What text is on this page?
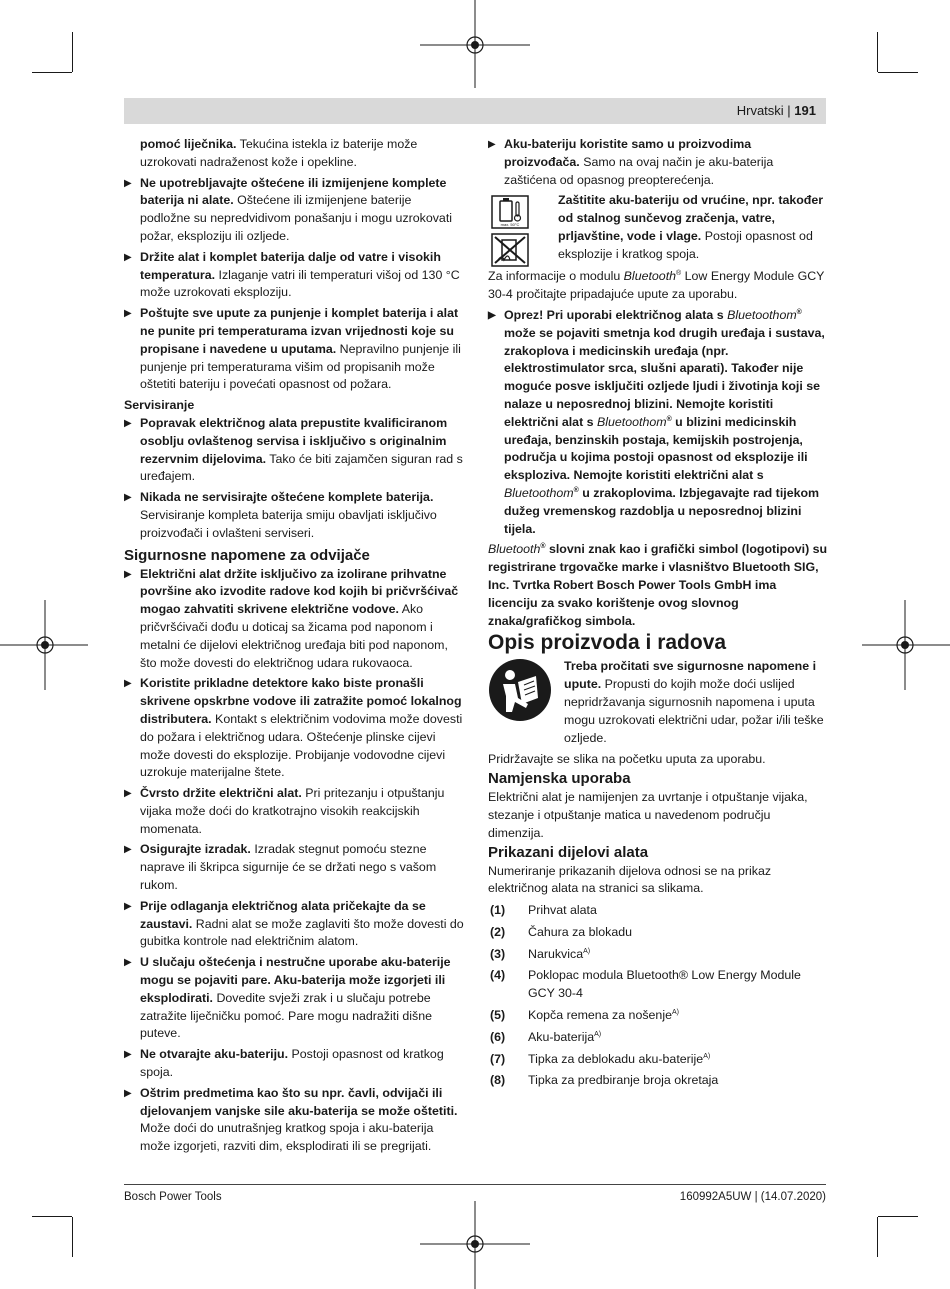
Hrvatski | 191
pomoć liječnika. Tekućina istekla iz baterije može uzrokovati nadraženost kože i opekline.
▶ Ne upotrebljavajte oštećene ili izmijenjene komplete baterija ni alate. Oštećene ili izmijenjene baterije podložne su nepredvidivom ponašanju i mogu uzrokovati požar, eksploziju ili ozljede.
▶ Držite alat i komplet baterija dalje od vatre i visokih temperatura. Izlaganje vatri ili temperaturi višoj od 130 °C može uzrokovati eksploziju.
▶ Poštujte sve upute za punjenje i komplet baterija i alat ne punite pri temperaturama izvan vrijednosti koje su propisane i navedene u uputama. Nepravilno punjenje ili punjenje pri temperaturama višim od propisanih može oštetiti bateriju i povećati opasnost od požara.

Servisiranje

▶ Popravak električnog alata prepustite kvalificiranom osoblju ovlaštenog servisa i isključivo s originalnim rezervnim dijelovima. Tako će biti zajamčen siguran rad s uređajem.
▶ Nikada ne servisirajte oštećene komplete baterija. Servisiranje kompleta baterija smiju obavljati isključivo proizvođači i ovlašteni serviseri.

Sigurnosne napomene za odvijače

▶ Električni alat držite isključivo za izolirane prihvatne površine ako izvodite radove kod kojih bi pričvršćivač mogao zahvatiti skrivene električne vodove. Ako pričvršćivači dođu u doticaj sa žicama pod naponom i metalni će dijelovi električnog uređaja biti pod naponom, što može dovesti do električnog udara rukovaoca.
▶ Koristite prikladne detektore kako biste pronašli skrivene opskrbne vodove ili zatražite pomoć lokalnog distributera. Kontakt s električnim vodovima može dovesti do požara i električnog udara. Oštećenje plinske cijevi može dovesti do eksplozije. Probijanje vodovodne cijevi uzrokuje materijalne štete.
▶ Čvrsto držite električni alat. Pri pritezanju i otpuštanju vijaka može doći do kratkotrajno visokih reakcijskih momenata.
▶ Osigurajte izradak. Izradak stegnut pomoću stezne naprave ili škripca sigurnije će se držati nego s vašom rukom.
▶ Prije odlaganja električnog alata pričekajte da se zaustavi. Radni alat se može zaglaviti što može dovesti do gubitka kontrole nad električnim alatom.
▶ U slučaju oštećenja i nestručne uporabe aku-baterije mogu se pojaviti pare. Aku-baterija može izgorjeti ili eksplodirati. Dovedite svježi zrak i u slučaju potrebe zatražite liječničku pomoć. Pare mogu nadražiti dišne puteve.
▶ Ne otvarajte aku-bateriju. Postoji opasnost od kratkog spoja.
▶ Oštrim predmetima kao što su npr. čavli, odvijači ili djelovanjem vanjske sile aku-baterija se može oštetiti. Može doći do unutrašnjeg kratkog spoja i aku-baterija može izgorjeti, razviti dim, eksplodirati ili se pregrijati.
▶ Aku-bateriju koristite samo u proizvodima proizvođača. Samo na ovaj način je aku-baterija zaštićena od opasnog preopterećenja.
max. 50°C
Zaštitite aku-bateriju od vrućine, npr. također od stalnog sunčevog zračenja, vatre, prljavštine, vode i vlage. Postoji opasnost od eksplozije i kratkog spoja.

Za informacije o modulu Bluetooth® Low Energy Module GCY 30-4 pročitajte pripadajuće upute za uporabu.

▶ Oprez! Pri uporabi električnog alata s Bluetoothom® može se pojaviti smetnja kod drugih uređaja i sustava, zrakoplova i medicinskih uređaja (npr. elektrostimulator srca, slušni aparati). Također nije moguće posve isključiti ozljede ljudi i životinja koji se nalaze u neposrednoj blizini. Nemojte koristiti električni alat s Bluetoothom® u blizini medicinskih uređaja, benzinskih postaja, kemijskih postrojenja, područja u kojima postoji opasnost od eksplozije ili eksploziva. Nemojte koristiti električni alat s Bluetoothom® u zrakoplovima. Izbjegavajte rad tijekom dužeg vremenskog razdoblja u neposrednoj blizini tijela.

Bluetooth® slovni znak kao i grafički simbol (logotipovi) su registrirane trgovačke marke i vlasništvo Bluetooth SIG, Inc. Tvrtka Robert Bosch Power Tools GmbH ima licenciju za svako korištenje ovog slovnog znaka/grafičkog simbola.

Opis proizvoda i radova

Treba pročitati sve sigurnosne napomene i upute. Propusti do kojih može doći uslijed nepridržavanja sigurnosnih napomena i uputa mogu uzrokovati električni udar, požar i/ili teške ozljede.

Pridržavajte se slika na početku uputa za uporabu.

Namjenska uporaba

Električni alat je namijenjen za uvrtanje i otpuštanje vijaka, stezanje i otpuštanje matica u navedenom području dimenzija.

Prikazani dijelovi alata

Numeriranje prikazanih dijelova odnosi se na prikaz električnog alata na stranici sa slikama.

(1) Prihvat alata
(2) Čahura za blokadu
(3) Narukvica$^{A)}$
(4) Poklopac modula Bluetooth® Low Energy Module GCY 30-4
(5) Kopča remena za nošenje$^{A)}$
(6) Aku-baterija$^{A)}$
(7) Tipka za deblokadu aku-baterije$^{A)}$
(8) Tipka za predbiranje broja okretaja
Bosch Power Tools	160992A5UW | (14.07.2020)
